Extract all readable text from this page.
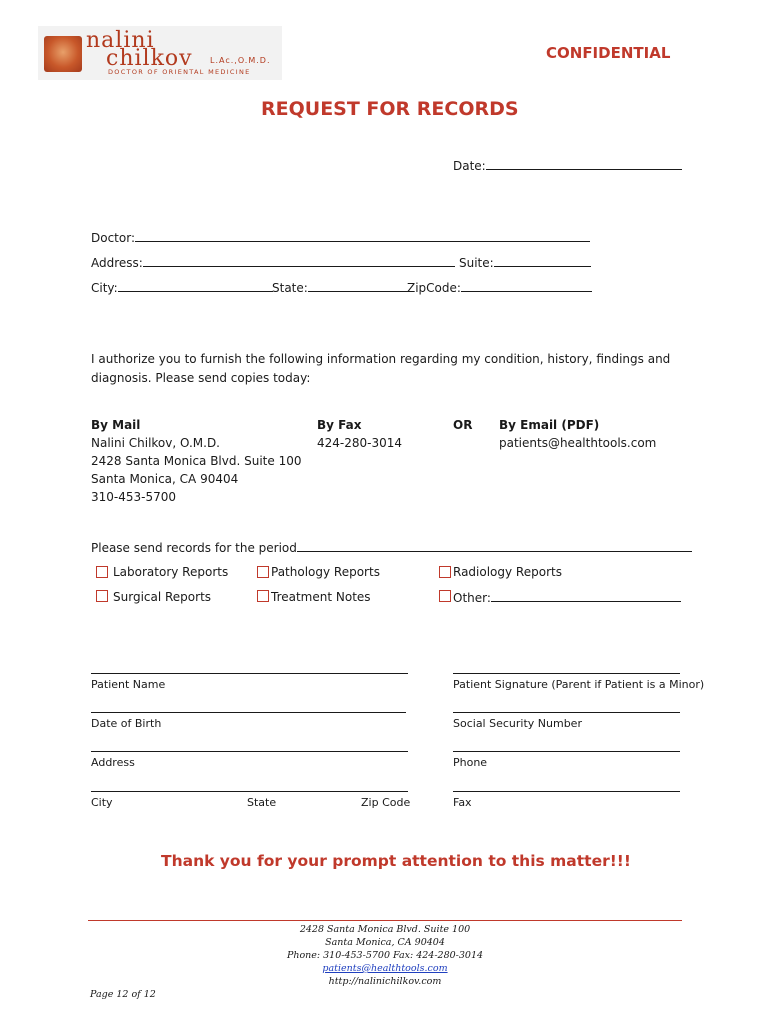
nalini
chilkov L.Ac.,O.M.D.
DOCTOR OF ORIENTAL MEDICINE
CONFIDENTIAL
REQUEST FOR RECORDS
Date:
Doctor:
Address:	Suite:
City:	State:	ZipCode:
I authorize you to furnish the following information regarding my condition, history, findings and
diagnosis. Please send copies today:
By Mail
Nalini Chilkov, O.M.D.
2428 Santa Monica Blvd. Suite 100
Santa Monica, CA 90404
310-453-5700
By Fax
424-280-3014
OR By Email (PDF)
patients@healthtools.com
Please send records for the period
Laboratory Reports	Pathology Reports	Radiology Reports
Surgical Reports	Treatment Notes	Other:
Patient Name	Patient Signature (Parent if Patient is a Minor)
Date of Birth	Social Security Number
Address	Phone
City	State	Zip Code	Fax
Thank you for your prompt attention to this matter!!!
2428 Santa Monica Blvd. Suite 100
Santa Monica, CA 90404
Phone: 310-453-5700 Fax: 424-280-3014
patients@healthtools.com
http://nalinichilkov.com
Page 12 of 12
